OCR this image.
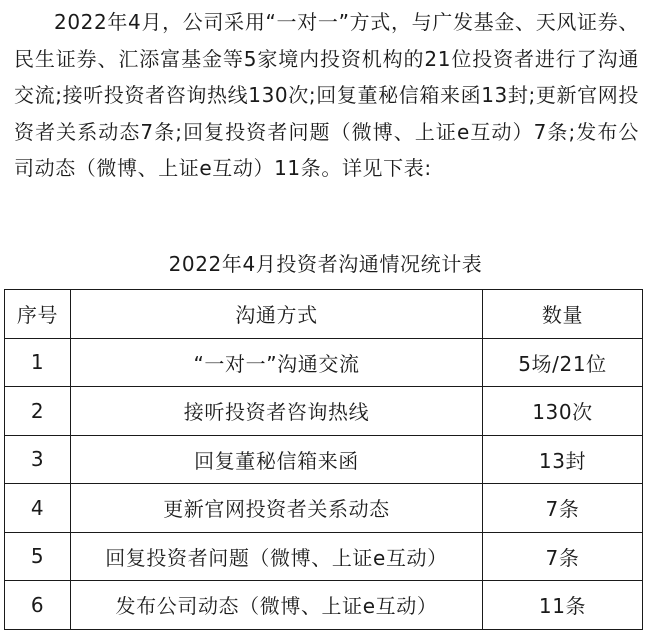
2022年4月，公司采用“一对一”方式，与广发基金、天风证券、民生证券、汇添富基金等5家境内投资机构的21位投资者进行了沟通交流;接听投资者咨询热线130次;回复董秘信箱来函13封;更新官网投资者关系动态7条;回复投资者问题（微博、上证e互动）7条;发布公司动态（微博、上证e互动）11条。详见下表:

2022年4月投资者沟通情况统计表

序号	沟通方式	数量
1	“一对一”沟通交流	5场/21位
2	接听投资者咨询热线	130次
3	回复董秘信箱来函	13封
4	更新官网投资者关系动态	7条
5	回复投资者问题（微博、上证e互动）	7条
6	发布公司动态（微博、上证e互动）	11条
